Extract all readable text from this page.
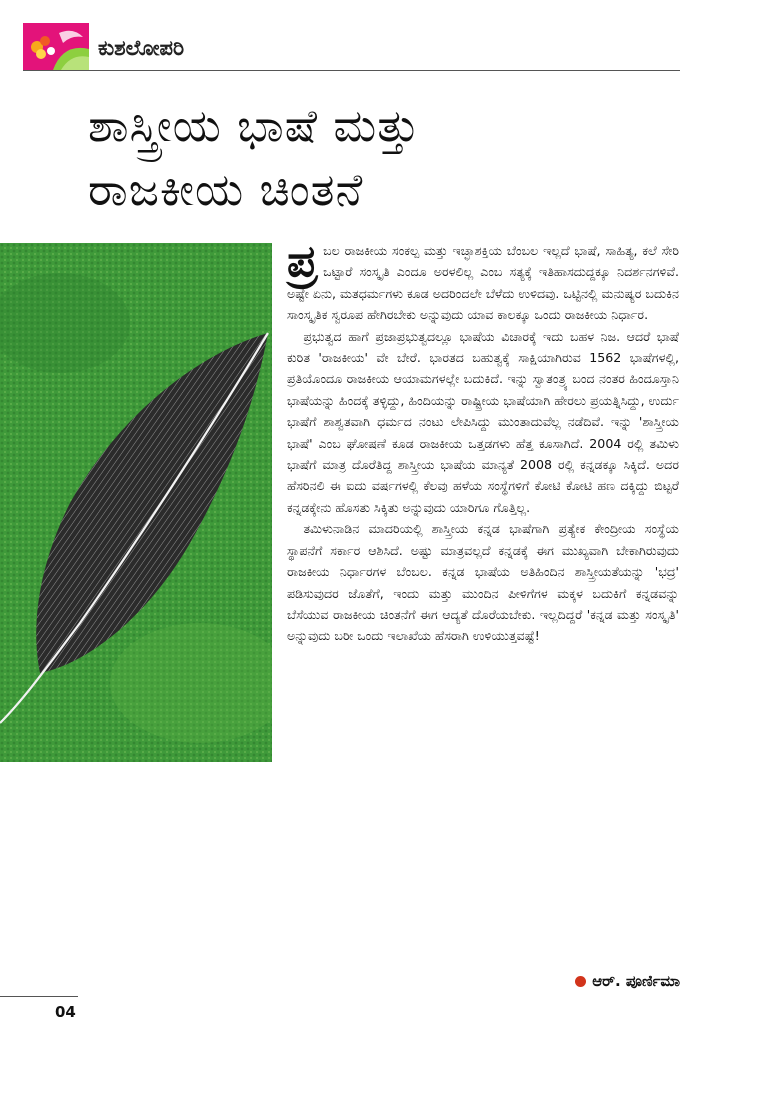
ಕುಶಲೋಪರಿ
ಶಾಸ್ತ್ರೀಯ ಭಾಷೆ ಮತ್ತು
ರಾಜಕೀಯ ಚಿಂತನೆ

ಪ್ರ ಬಲ ರಾಜಕೀಯ ಸಂಕಲ್ಪ ಮತ್ತು ಇಚ್ಛಾಶಕ್ತಿಯ ಬೆಂಬಲ ಇಲ್ಲದೆ ಭಾಷೆ, ಸಾಹಿತ್ಯ, ಕಲೆ ಸೇರಿ ಒಟ್ಟಾರೆ ಸಂಸ್ಕೃತಿ ಎಂದೂ ಅರಳಲಿಲ್ಲ ಎಂಬ ಸತ್ಯಕ್ಕೆ ಇತಿಹಾಸದುದ್ದಕ್ಕೂ ನಿದರ್ಶನಗಳಿವೆ. ಅಷ್ಟೇ ಏನು, ಮತಧರ್ಮಗಳು ಕೂಡ ಅದರಿಂದಲೇ ಬೆಳೆದು ಉಳಿದವು. ಒಟ್ಟಿನಲ್ಲಿ ಮನುಷ್ಯರ ಬದುಕಿನ ಸಾಂಸ್ಕೃತಿಕ ಸ್ವರೂಪ ಹೇಗಿರಬೇಕು ಅನ್ನುವುದು ಯಾವ ಕಾಲಕ್ಕೂ ಒಂದು ರಾಜಕೀಯ ನಿರ್ಧಾರ.

ಪ್ರಭುತ್ವದ ಹಾಗೆ ಪ್ರಜಾಪ್ರಭುತ್ವದಲ್ಲೂ ಭಾಷೆಯ ವಿಚಾರಕ್ಕೆ ಇದು ಬಹಳ ನಿಜ. ಆದರೆ ಭಾಷೆ ಕುರಿತ 'ರಾಜಕೀಯ' ವೇ ಬೇರೆ. ಭಾರತದ ಬಹುತ್ವಕ್ಕೆ ಸಾಕ್ಷಿಯಾಗಿರುವ 1562 ಭಾಷೆಗಳಲ್ಲಿ, ಪ್ರತಿಯೊಂದೂ ರಾಜಕೀಯ ಆಯಾಮಗಳಲ್ಲೇ ಬದುಕಿದೆ. ಇನ್ನು ಸ್ವಾತಂತ್ರ್ಯ ಬಂದ ನಂತರ ಹಿಂದೂಸ್ತಾನಿ ಭಾಷೆಯನ್ನು ಹಿಂದಕ್ಕೆ ತಳ್ಳಿದ್ದು, ಹಿಂದಿಯನ್ನು ರಾಷ್ಟ್ರೀಯ ಭಾಷೆಯಾಗಿ ಹೇರಲು ಪ್ರಯತ್ನಿಸಿದ್ದು, ಉರ್ದು ಭಾಷೆಗೆ ಶಾಶ್ವತವಾಗಿ ಧರ್ಮದ ನಂಟು ಲೇಪಿಸಿದ್ದು ಮುಂತಾದುವೆಲ್ಲ ನಡೆದಿವೆ. ಇನ್ನು 'ಶಾಸ್ತ್ರೀಯ ಭಾಷೆ' ಎಂಬ ಘೋಷಣೆ ಕೂಡ ರಾಜಕೀಯ ಒತ್ತಡಗಳು ಹೆತ್ತ ಕೂಸಾಗಿದೆ. 2004 ರಲ್ಲಿ ತಮಿಳು ಭಾಷೆಗೆ ಮಾತ್ರ ದೊರೆತಿದ್ದ ಶಾಸ್ತ್ರೀಯ ಭಾಷೆಯ ಮಾನ್ಯತೆ 2008 ರಲ್ಲಿ ಕನ್ನಡಕ್ಕೂ ಸಿಕ್ಕಿದೆ. ಅದರ ಹೆಸರಿನಲಿ ಈ ಐದು ವರ್ಷಗಳಲ್ಲಿ ಕೆಲವು ಹಳೆಯ ಸಂಸ್ಥೆಗಳಿಗೆ ಕೋಟಿ ಕೋಟಿ ಹಣ ದಕ್ಕಿದ್ದು ಬಿಟ್ಟರೆ ಕನ್ನಡಕ್ಕೇನು ಹೊಸತು ಸಿಕ್ಕಿತು ಅನ್ನುವುದು ಯಾರಿಗೂ ಗೊತ್ತಿಲ್ಲ.

ತಮಿಳುನಾಡಿನ ಮಾದರಿಯಲ್ಲಿ ಶಾಸ್ತ್ರೀಯ ಕನ್ನಡ ಭಾಷೆಗಾಗಿ ಪ್ರತ್ಯೇಕ ಕೇಂದ್ರೀಯ ಸಂಸ್ಥೆಯ ಸ್ಥಾಪನೆಗೆ ಸರ್ಕಾರ ಆಶಿಸಿದೆ. ಅಷ್ಟು ಮಾತ್ರವಲ್ಲದೆ ಕನ್ನಡಕ್ಕೆ ಈಗ ಮುಖ್ಯವಾಗಿ ಬೇಕಾಗಿರುವುದು ರಾಜಕೀಯ ನಿರ್ಧಾರಗಳ ಬೆಂಬಲ. ಕನ್ನಡ ಭಾಷೆಯ ಅತಿಹಿಂದಿನ ಶಾಸ್ತ್ರೀಯತೆಯನ್ನು 'ಭದ್ರ' ಪಡಿಸುವುದರ ಜೊತೆಗೆ, ಇಂದು ಮತ್ತು ಮುಂದಿನ ಪೀಳಿಗೆಗಳ ಮಕ್ಕಳ ಬದುಕಿಗೆ ಕನ್ನಡವನ್ನು ಬೆಸೆಯುವ ರಾಜಕೀಯ ಚಿಂತನೆಗೆ ಈಗ ಆದ್ಯತೆ ದೊರೆಯಬೇಕು. ಇಲ್ಲದಿದ್ದರೆ 'ಕನ್ನಡ ಮತ್ತು ಸಂಸ್ಕೃತಿ' ಅನ್ನುವುದು ಬರೀ ಒಂದು ಇಲಾಖೆಯ ಹೆಸರಾಗಿ ಉಳಿಯುತ್ತವಷ್ಟೆ!

ಆರ್. ಪೂರ್ಣಿಮಾ
04
